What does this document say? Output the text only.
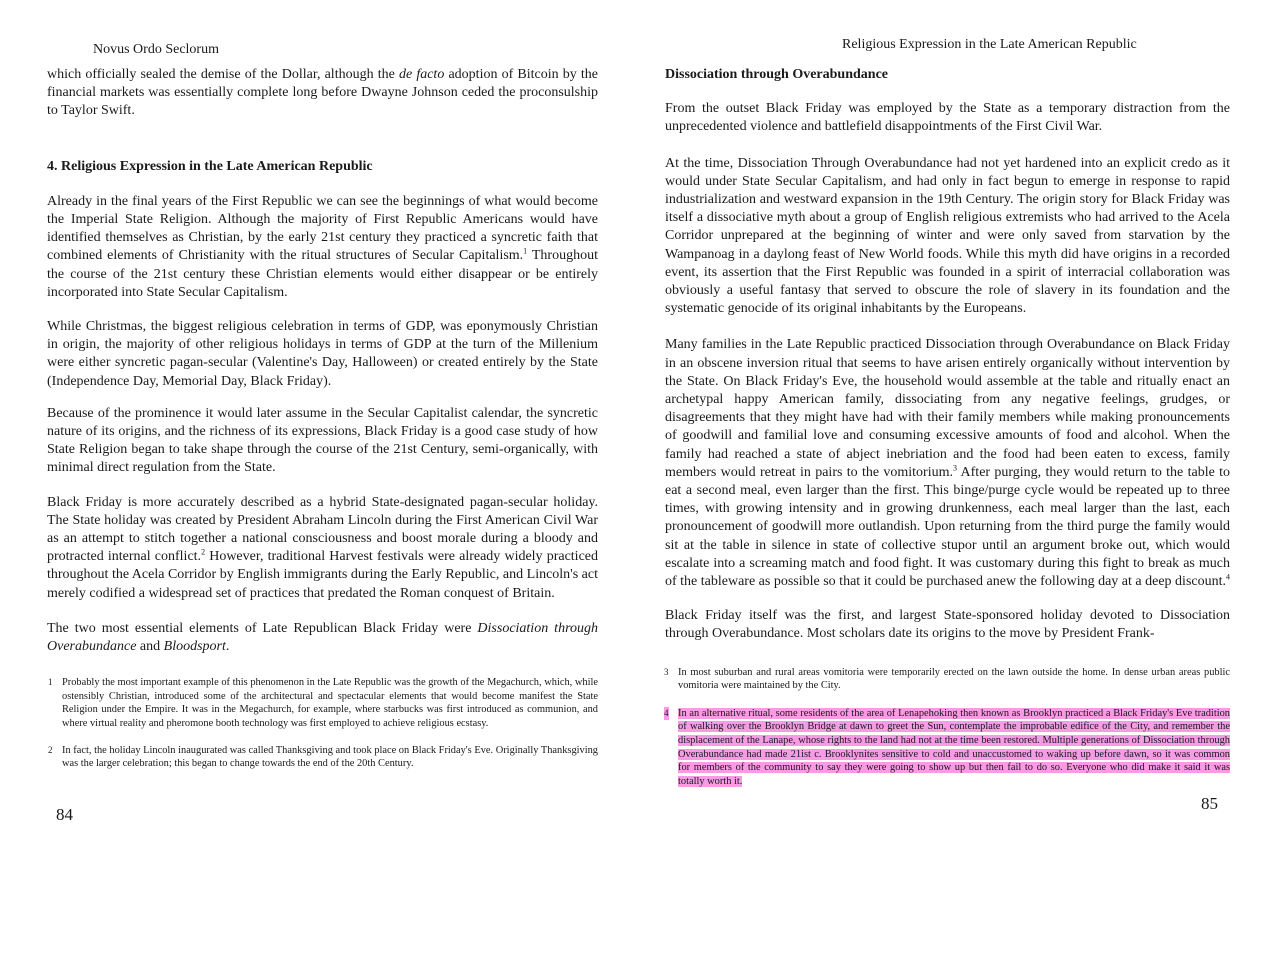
Novus Ordo Seclorum

which officially sealed the demise of the Dollar, although the de facto adoption of Bitcoin by the financial markets was essentially complete long before Dwayne Johnson ceded the proconsulship to Taylor Swift.

4. Religious Expression in the Late American Republic

Already in the final years of the First Republic we can see the beginnings of what would become the Imperial State Religion. Although the majority of First Republic Americans would have identified themselves as Christian, by the early 21st century they practiced a syncretic faith that combined elements of Christianity with the ritual structures of Secular Capitalism.$^1$ Throughout the course of the 21st century these Christian elements would either disappear or be entirely incorporated into State Secular Capitalism.

While Christmas, the biggest religious celebration in terms of GDP, was eponymously Christian in origin, the majority of other religious holidays in terms of GDP at the turn of the Millenium were either syncretic pagan-secular (Valentine's Day, Halloween) or created entirely by the State (Independence Day, Memorial Day, Black Friday).

Because of the prominence it would later assume in the Secular Capitalist calendar, the syncretic nature of its origins, and the richness of its expressions, Black Friday is a good case study of how State Religion began to take shape through the course of the 21st Century, semi-organically, with minimal direct regulation from the State.

Black Friday is more accurately described as a hybrid State-designated pagan-secular holiday. The State holiday was created by President Abraham Lincoln during the First American Civil War as an attempt to stitch together a national consciousness and boost morale during a bloody and protracted internal conflict.$^2$ However, traditional Harvest festivals were already widely practiced throughout the Acela Corridor by English immigrants during the Early Republic, and Lincoln's act merely codified a widespread set of practices that predated the Roman conquest of Britain.

The two most essential elements of Late Republican Black Friday were Dissociation through Overabundance and Bloodsport.

1 Probably the most important example of this phenomenon in the Late Republic was the growth of the Megachurch, which, while ostensibly Christian, introduced some of the architectural and spectacular elements that would become manifest the State Religion under the Empire. It was in the Megachurch, for example, where starbucks was first introduced as communion, and where virtual reality and pheromone booth technology was first employed to achieve religious ecstasy.
2 In fact, the holiday Lincoln inaugurated was called Thanksgiving and took place on Black Friday's Eve. Originally Thanksgiving was the larger celebration; this began to change towards the end of the 20th Century.
84
Religious Expression in the Late American Republic

Dissociation through Overabundance

From the outset Black Friday was employed by the State as a temporary distraction from the unprecedented violence and battlefield disappointments of the First Civil War.

At the time, Dissociation Through Overabundance had not yet hardened into an explicit credo as it would under State Secular Capitalism, and had only in fact begun to emerge in response to rapid industrialization and westward expansion in the 19th Century. The origin story for Black Friday was itself a dissociative myth about a group of English religious extremists who had arrived to the Acela Corridor unprepared at the beginning of winter and were only saved from starvation by the Wampanoag in a daylong feast of New World foods. While this myth did have origins in a recorded event, its assertion that the First Republic was founded in a spirit of interracial collaboration was obviously a useful fantasy that served to obscure the role of slavery in its foundation and the systematic genocide of its original inhabitants by the Europeans.

Many families in the Late Republic practiced Dissociation through Overabundance on Black Friday in an obscene inversion ritual that seems to have arisen entirely organically without intervention by the State. On Black Friday's Eve, the household would assemble at the table and ritually enact an archetypal happy American family, dissociating from any negative feelings, grudges, or disagreements that they might have had with their family members while making pronouncements of goodwill and familial love and consuming excessive amounts of food and alcohol. When the family had reached a state of abject inebriation and the food had been eaten to excess, family members would retreat in pairs to the vomitorium.$^3$ After purging, they would return to the table to eat a second meal, even larger than the first. This binge/purge cycle would be repeated up to three times, with growing intensity and in growing drunkenness, each meal larger than the last, each pronouncement of goodwill more outlandish. Upon returning from the third purge the family would sit at the table in silence in state of collective stupor until an argument broke out, which would escalate into a screaming match and food fight. It was customary during this fight to break as much of the tableware as possible so that it could be purchased anew the following day at a deep discount.$^4$

Black Friday itself was the first, and largest State-sponsored holiday devoted to Dissociation through Overabundance. Most scholars date its origins to the move by President Frank-

3 In most suburban and rural areas vomitoria were temporarily erected on the lawn outside the home. In dense urban areas public vomitoria were maintained by the City.
4 In an alternative ritual, some residents of the area of Lenapehoking then known as Brooklyn practiced a Black Friday's Eve tradition of walking over the Brooklyn Bridge at dawn to greet the Sun, contemplate the improbable edifice of the City, and remember the displacement of the Lanape, whose rights to the land had not at the time been restored. Multiple generations of Dissociation through Overabundance had made 21ist c. Brooklynites sensitive to cold and unaccustomed to waking up before dawn, so it was common for members of the community to say they were going to show up but then fail to do so. Everyone who did make it said it was totally worth it.
85
